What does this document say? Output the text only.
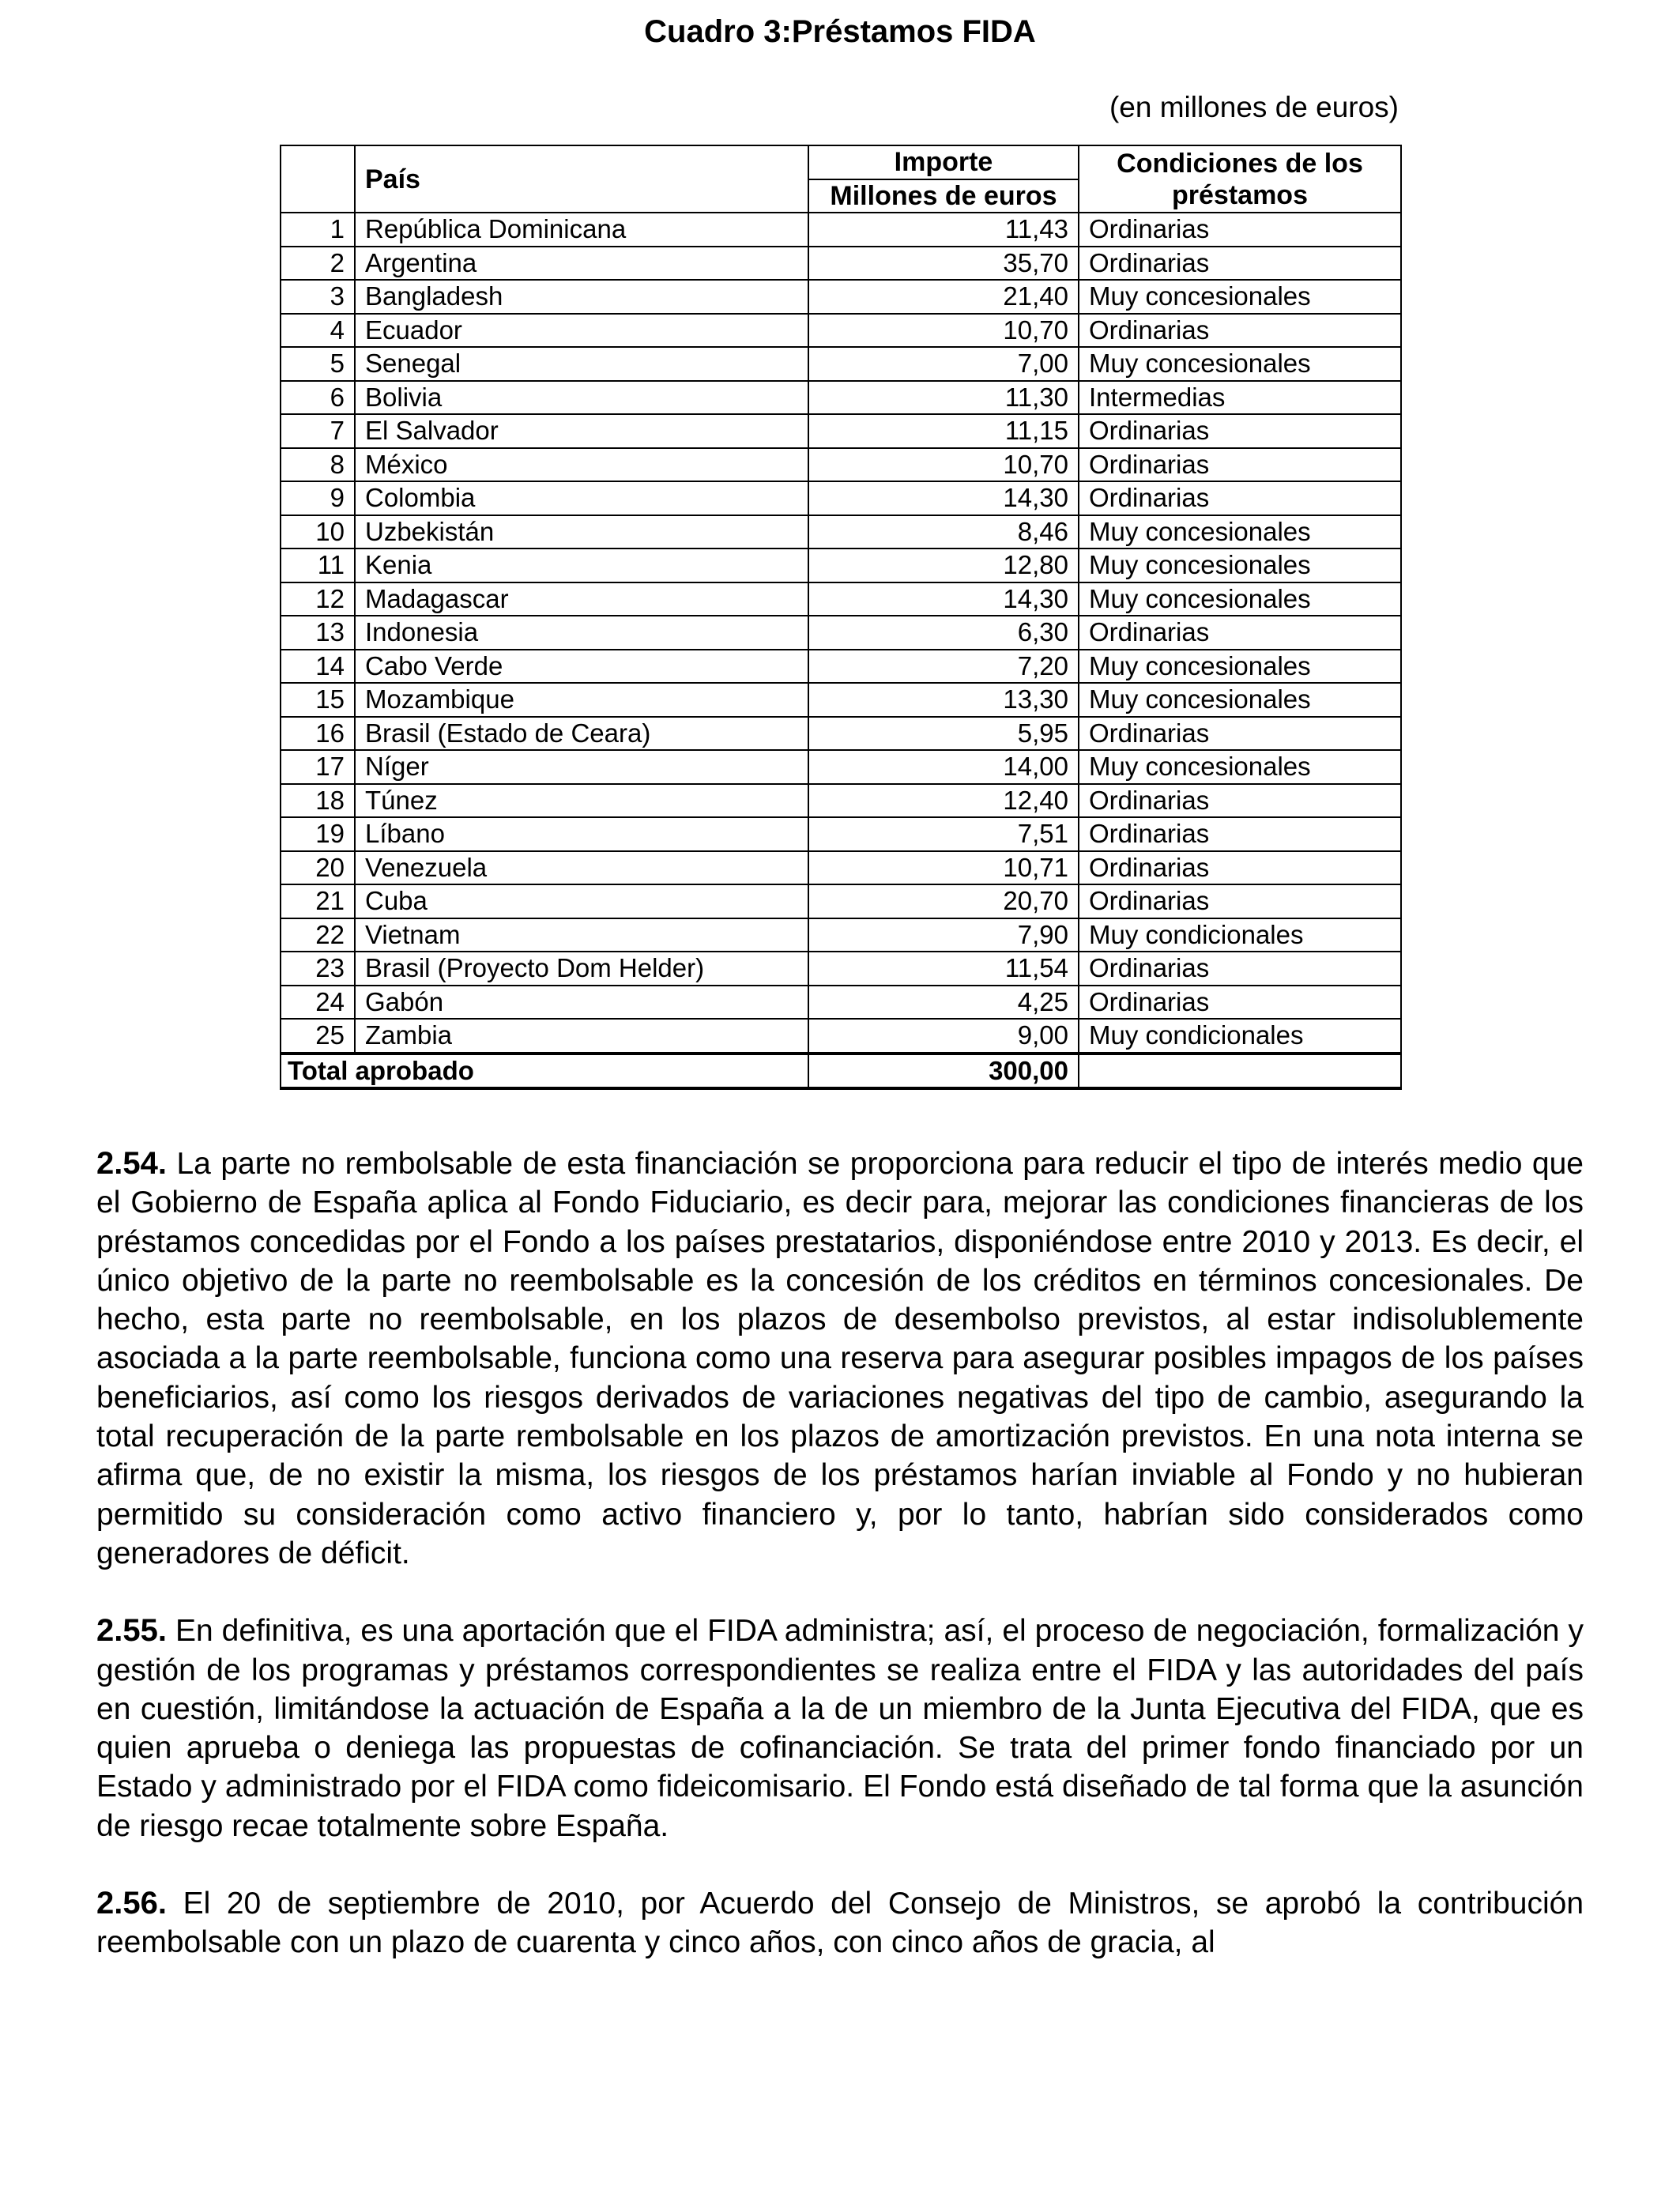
Cuadro 3:Préstamos FIDA
(en millones de euros)
	País	Importe	Condiciones de los préstamos
		Millones de euros	
1	República Dominicana	11,43	Ordinarias
2	Argentina	35,70	Ordinarias
3	Bangladesh	21,40	Muy concesionales
4	Ecuador	10,70	Ordinarias
5	Senegal	7,00	Muy concesionales
6	Bolivia	11,30	Intermedias
7	El Salvador	11,15	Ordinarias
8	México	10,70	Ordinarias
9	Colombia	14,30	Ordinarias
10	Uzbekistán	8,46	Muy concesionales
11	Kenia	12,80	Muy concesionales
12	Madagascar	14,30	Muy concesionales
13	Indonesia	6,30	Ordinarias
14	Cabo Verde	7,20	Muy concesionales
15	Mozambique	13,30	Muy concesionales
16	Brasil (Estado de Ceara)	5,95	Ordinarias
17	Níger	14,00	Muy concesionales
18	Túnez	12,40	Ordinarias
19	Líbano	7,51	Ordinarias
20	Venezuela	10,71	Ordinarias
21	Cuba	20,70	Ordinarias
22	Vietnam	7,90	Muy condicionales
23	Brasil (Proyecto Dom Helder)	11,54	Ordinarias
24	Gabón	4,25	Ordinarias
25	Zambia	9,00	Muy condicionales
Total aprobado		300,00	

2.54. La parte no rembolsable de esta financiación se proporciona para reducir el tipo de interés medio que el Gobierno de España aplica al Fondo Fiduciario, es decir para, mejorar las condiciones financieras de los préstamos concedidas por el Fondo a los países prestatarios, disponiéndose entre 2010 y 2013. Es decir, el único objetivo de la parte no reembolsable es la concesión de los créditos en términos concesionales. De hecho, esta parte no reembolsable, en los plazos de desembolso previstos, al estar indisolublemente asociada a la parte reembolsable, funciona como una reserva para asegurar posibles impagos de los países beneficiarios, así como los riesgos derivados de variaciones negativas del tipo de cambio, asegurando la total recuperación de la parte rembolsable en los plazos de amortización previstos. En una nota interna se afirma que, de no existir la misma, los riesgos de los préstamos harían inviable al Fondo y no hubieran permitido su consideración como activo financiero y, por lo tanto, habrían sido considerados como generadores de déficit.

2.55. En definitiva, es una aportación que el FIDA administra; así, el proceso de negociación, formalización y gestión de los programas y préstamos correspondientes se realiza entre el FIDA y las autoridades del país en cuestión, limitándose la actuación de España a la de un miembro de la Junta Ejecutiva del FIDA, que es quien aprueba o deniega las propuestas de cofinanciación. Se trata del primer fondo financiado por un Estado y administrado por el FIDA como fideicomisario. El Fondo está diseñado de tal forma que la asunción de riesgo recae totalmente sobre España.

2.56. El 20 de septiembre de 2010, por Acuerdo del Consejo de Ministros, se aprobó la contribución reembolsable con un plazo de cuarenta y cinco años, con cinco años de gracia, al
